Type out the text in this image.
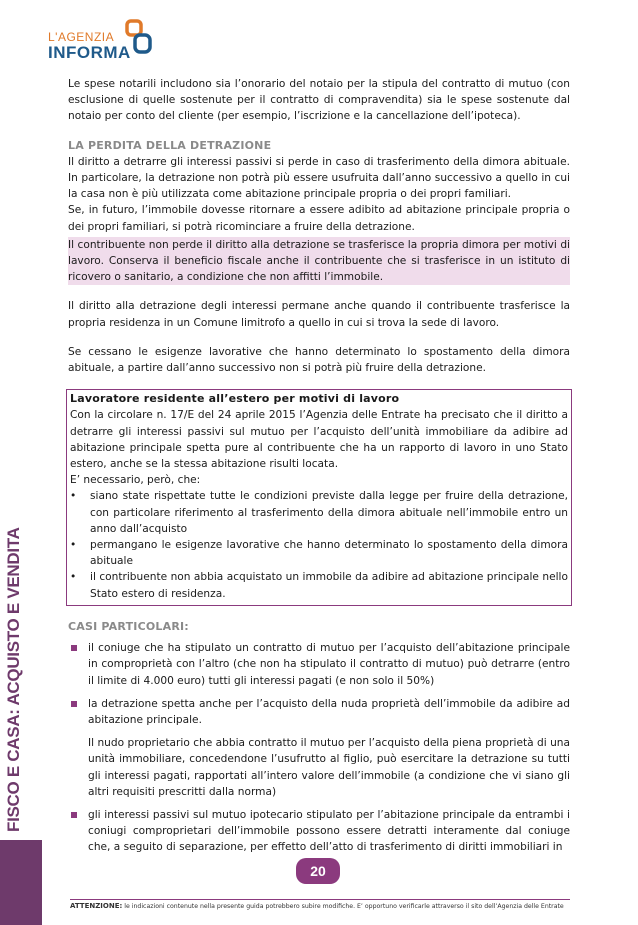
L'AGENZIA
INFORMA
FISCO E CASA: ACQUISTO E VENDITA

Le spese notarili includono sia l’onorario del notaio per la stipula del contratto di mutuo (con esclusione di quelle sostenute per il contratto di compravendita) sia le spese sostenute dal notaio per conto del cliente (per esempio, l’iscrizione e la cancellazione dell’ipoteca).

LA PERDITA DELLA DETRAZIONE

Il diritto a detrarre gli interessi passivi si perde in caso di trasferimento della dimora abituale. In particolare, la detrazione non potrà più essere usufruita dall’anno successivo a quello in cui la casa non è più utilizzata come abitazione principale propria o dei propri familiari.

Se, in futuro, l’immobile dovesse ritornare a essere adibito ad abitazione principale propria o dei propri familiari, si potrà ricominciare a fruire della detrazione.

Il contribuente non perde il diritto alla detrazione se trasferisce la propria dimora per motivi di lavoro. Conserva il beneficio fiscale anche il contribuente che si trasferisce in un istituto di ricovero o sanitario, a condizione che non affitti l’immobile.

Il diritto alla detrazione degli interessi permane anche quando il contribuente trasferisce la propria residenza in un Comune limitrofo a quello in cui si trova la sede di lavoro.

Se cessano le esigenze lavorative che hanno determinato lo spostamento della dimora abituale, a partire dall’anno successivo non si potrà più fruire della detrazione.

Lavoratore residente all’estero per motivi di lavoro

Con la circolare n. 17/E del 24 aprile 2015 l’Agenzia delle Entrate ha precisato che il diritto a detrarre gli interessi passivi sul mutuo per l’acquisto dell’unità immobiliare da adibire ad abitazione principale spetta pure al contribuente che ha un rapporto di lavoro in uno Stato estero, anche se la stessa abitazione risulti locata.

E’ necessario, però, che:

• siano state rispettate tutte le condizioni previste dalla legge per fruire della detrazione, con particolare riferimento al trasferimento della dimora abituale nell’immobile entro un anno dall’acquisto
• permangano le esigenze lavorative che hanno determinato lo spostamento della dimora abituale
• il contribuente non abbia acquistato un immobile da adibire ad abitazione principale nello Stato estero di residenza.

CASI PARTICOLARI:

il coniuge che ha stipulato un contratto di mutuo per l’acquisto dell’abitazione principale in comproprietà con l’altro (che non ha stipulato il contratto di mutuo) può detrarre (entro il limite di 4.000 euro) tutti gli interessi pagati (e non solo il 50%)
la detrazione spetta anche per l’acquisto della nuda proprietà dell’immobile da adibire ad abitazione principale.

Il nudo proprietario che abbia contratto il mutuo per l’acquisto della piena proprietà di una unità immobiliare, concedendone l’usufrutto al figlio, può esercitare la detrazione su tutti gli interessi pagati, rapportati all’intero valore dell’immobile (a condizione che vi siano gli altri requisiti prescritti dalla norma)

gli interessi passivi sul mutuo ipotecario stipulato per l’abitazione principale da entrambi i coniugi comproprietari dell’immobile possono essere detratti interamente dal coniuge che, a seguito di separazione, per effetto dell’atto di trasferimento di diritti immobiliari in
20
ATTENZIONE: le indicazioni contenute nella presente guida potrebbero subire modifiche. E’ opportuno verificarle attraverso il sito dell’Agenzia delle Entrate
